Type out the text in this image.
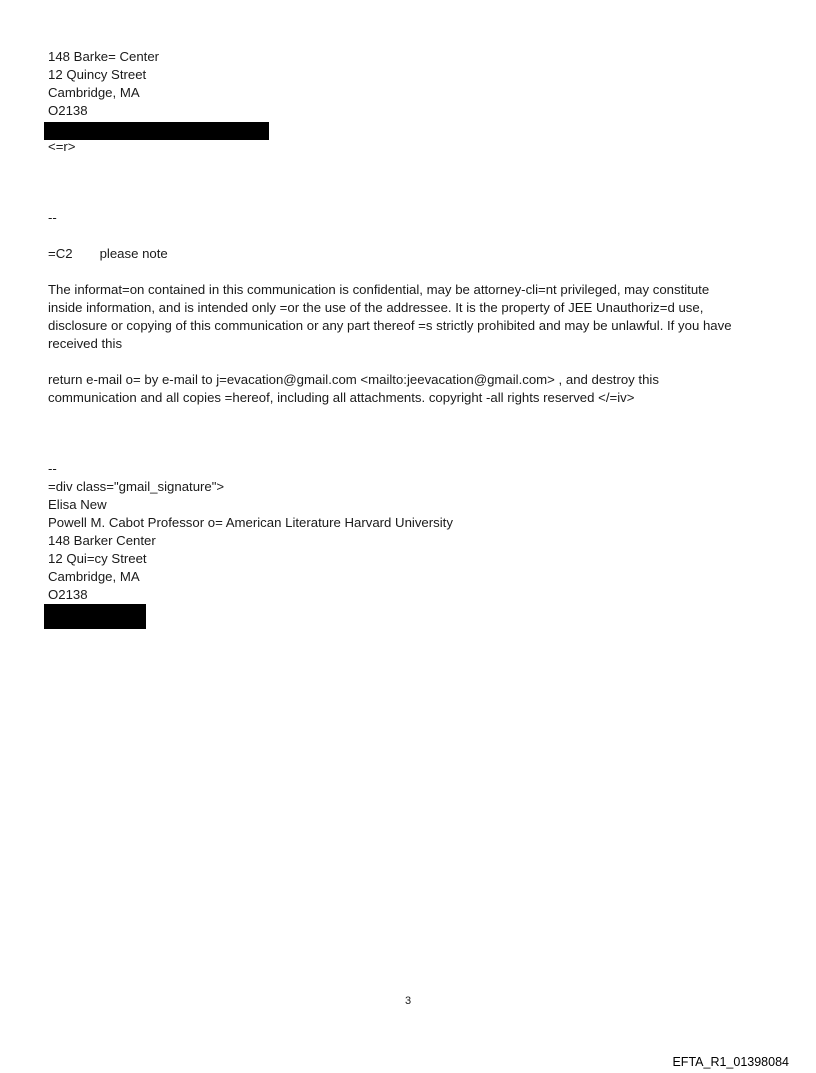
148 Barke= Center
12 Quincy Street
Cambridge, MA
O2138
<=r>
--
=C2 please note
The informat=on contained in this communication is confidential, may be attorney-cli=nt privileged, may constitute
inside information, and is intended only =or the use of the addressee. It is the property of JEE Unauthoriz=d use,
disclosure or copying of this communication or any part thereof =s strictly prohibited and may be unlawful. If you have
received this
return e-mail o= by e-mail to j=evacation@gmail.com <mailto:jeevacation@gmail.com> , and destroy this
communication and all copies =hereof, including all attachments. copyright -all rights reserved </=iv>
--
=div class="gmail_signature">
Elisa New
Powell M. Cabot Professor o= American Literature Harvard University
148 Barker Center
12 Qui=cy Street
Cambridge, MA
O2138
3
EFTA_R1_01398084
